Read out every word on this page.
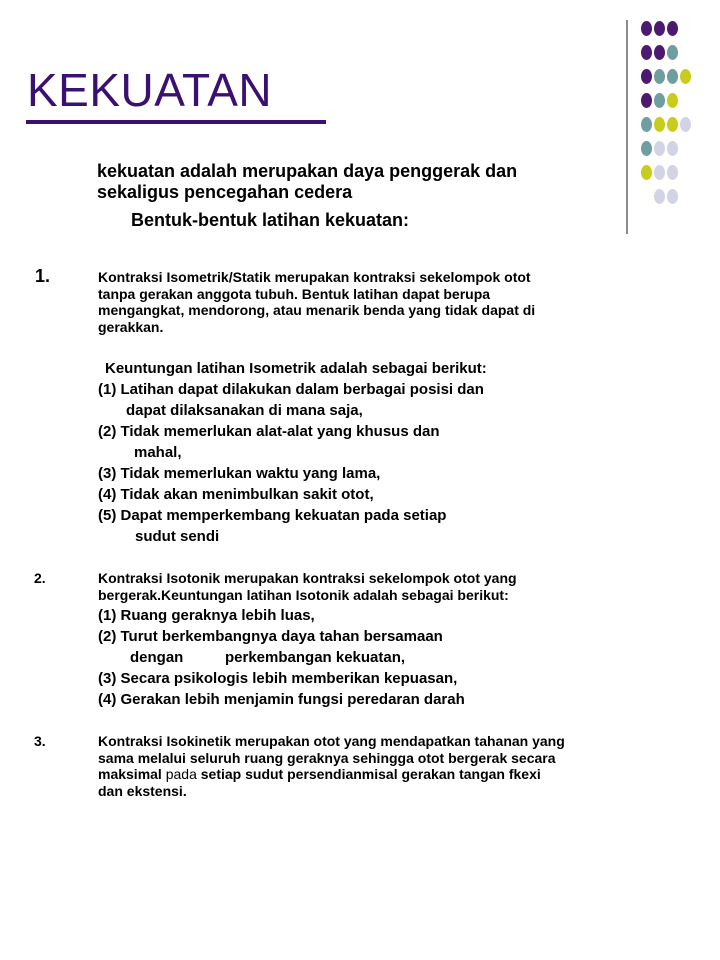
KEKUATAN
kekuatan adalah merupakan daya penggerak dan
sekaligus pencegahan cedera
Bentuk-bentuk latihan kekuatan:
1.	Kontraksi Isometrik/Statik merupakan kontraksi sekelompok otot
tanpa gerakan anggota tubuh. Bentuk latihan dapat berupa
mengangkat, mendorong, atau menarik benda yang tidak dapat di
gerakkan.
Keuntungan latihan Isometrik adalah sebagai berikut:
(1) Latihan dapat dilakukan dalam berbagai posisi dan
dapat dilaksanakan di mana saja,
(2) Tidak memerlukan alat-alat yang khusus dan
mahal,
(3) Tidak memerlukan waktu yang lama,
(4) Tidak akan menimbulkan sakit otot,
(5) Dapat memperkembang kekuatan pada setiap
sudut sendi
2.	Kontraksi Isotonik merupakan kontraksi sekelompok otot yang
bergerak.Keuntungan latihan Isotonik adalah sebagai berikut:
(1) Ruang geraknya lebih luas,
(2) Turut berkembangnya daya tahan bersamaan
dengan	perkembangan kekuatan,
(3) Secara psikologis lebih memberikan kepuasan,
(4) Gerakan lebih menjamin fungsi peredaran darah
3.	Kontraksi Isokinetik merupakan otot yang mendapatkan tahanan yang
sama melalui seluruh ruang geraknya sehingga otot bergerak secara
maksimal pada setiap sudut persendianmisal gerakan tangan fkexi
dan ekstensi.
